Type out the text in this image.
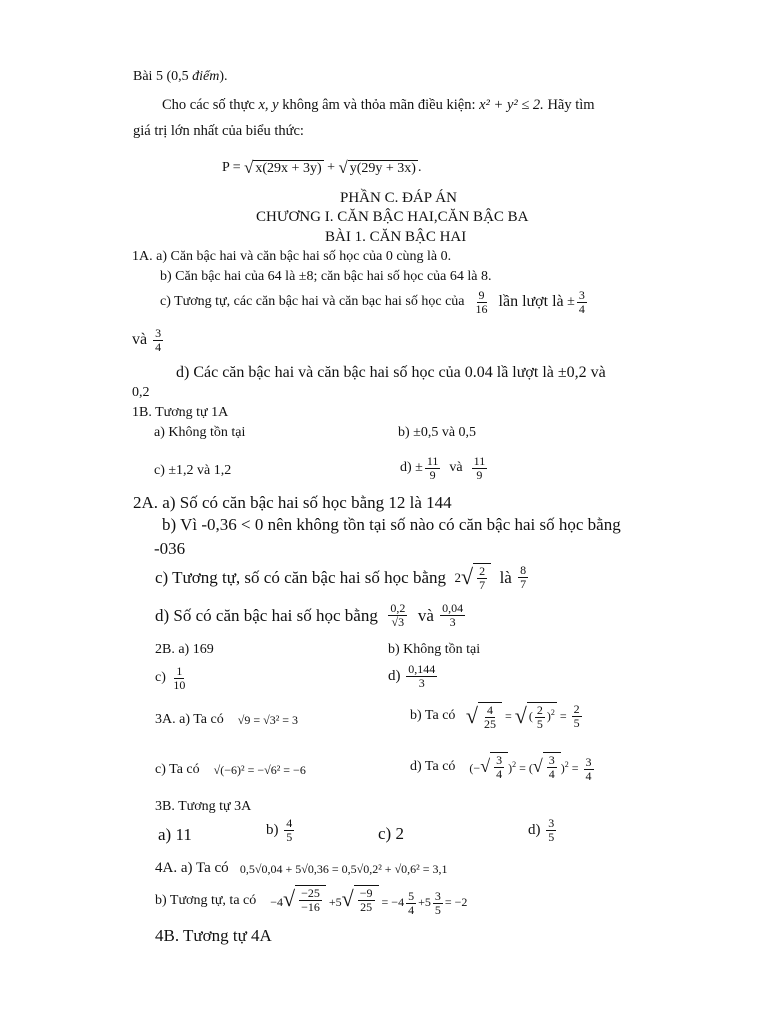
Bài 5 (0,5 điểm).
Cho các số thực x, y không âm và thỏa mãn điều kiện: x² + y² ≤ 2. Hãy tìm
giá trị lớn nhất của biểu thức:
P =
√ x(29x + 3y)
+
√ y(29y + 3x) .
PHẦN C. ĐÁP ÁN
CHƯƠNG I. CĂN BẬC HAI,CĂN BẬC BA
BÀI 1. CĂN BẬC HAI
1A. a) Căn bậc hai và căn bậc hai số học của 0 cùng là 0.
b) Căn bậc hai của 64 là ±8; căn bậc hai số học của 64 là 8.
c) Tương tự, các căn bậc hai và căn bạc hai số học của
$\frac{9}{16}$
lần lượt là
± $\frac{3}{4}$
và
$\frac{3}{4}$
d) Các căn bậc hai và căn bậc hai số học của 0.04 lầ lượt là ±0,2 và
0,2
1B. Tương tự 1A
a) Không tồn tại	b) ±0,5 và 0,5
c) ±1,2 và 1,2	$d) \pm \frac{11}{9}$
và
$\frac{11}{9}$
2A. a) Số có căn bậc hai số học bằng 12 là 144
b) Vì -0,36 < 0 nên không tồn tại số nào có căn bậc hai số học bằng
-036
c) Tương tự, số có căn bậc hai số học bằng
2 √ $\frac{2}{7}$
là
$\frac{8}{7}$
d) Số có căn bậc hai số học bằng
$\frac{0,2}{√3}$
và
$\frac{0,04}{3}$
2B. a) 169	b) Không tồn tại
c)
$\frac{1}{10}$	d)
$\frac{0,144}{3}$
3A. a) Ta có
√9 = √3² = 3	b) Ta có
√ $\frac{4}{25}$ = √ ( $\frac{2}{5} )^2 = \frac{2}{5}$
c) Ta có
√(−6)² = −√6² = −6	d) Ta có
(− √ $\frac{3}{4} )^2$ = ( √ $\frac{3}{4} )^2 = \frac{3}{4}$
3B. Tương tự 3A
a) 11	b)
$\frac{4}{5}$	c) 2	d)
$\frac{3}{5}$
4A. a) Ta có
0,5√0,04 + 5√0,36 = 0,5√0,2² + √0,6² = 3,1
b) Tương tự, ta có
−4 √ $\frac{-25}{-16} +5$ √ $\frac{-9}{25} = -4 \frac{5}{4} +5 \frac{3}{5} = -2$
4B. Tương tự 4A
